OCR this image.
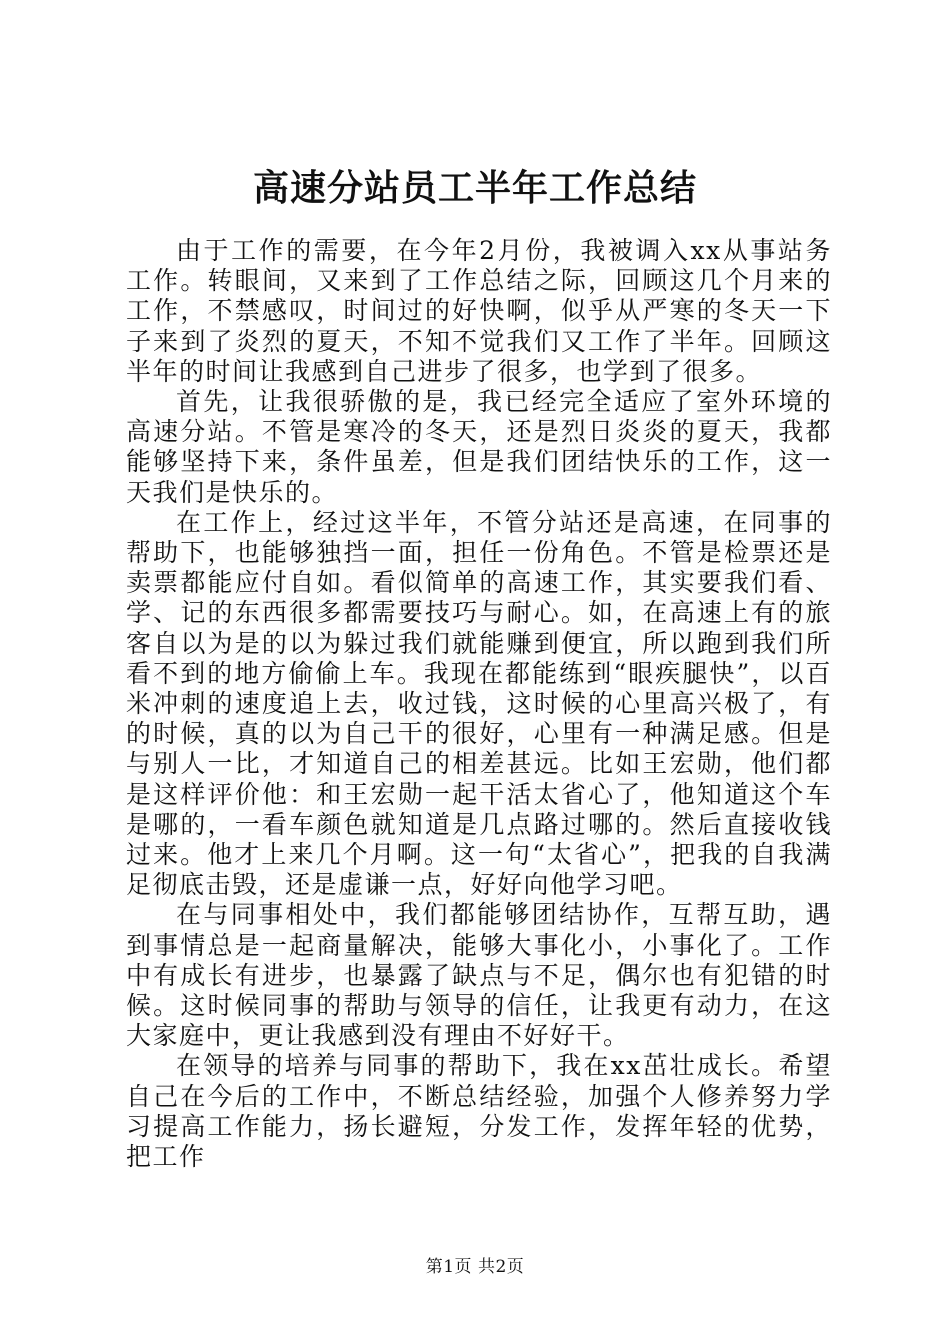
高速分站员工半年工作总结

由于工作的需要，在今年2月份，我被调入xx从事站务工作。转眼间，又来到了工作总结之际，回顾这几个月来的工作，不禁感叹，时间过的好快啊，似乎从严寒的冬天一下子来到了炎烈的夏天，不知不觉我们又工作了半年。回顾这半年的时间让我感到自己进步了很多，也学到了很多。

首先，让我很骄傲的是，我已经完全适应了室外环境的高速分站。不管是寒冷的冬天，还是烈日炎炎的夏天，我都能够坚持下来，条件虽差，但是我们团结快乐的工作，这一天我们是快乐的。

在工作上，经过这半年，不管分站还是高速，在同事的帮助下，也能够独挡一面，担任一份角色。不管是检票还是卖票都能应付自如。看似简单的高速工作，其实要我们看、学、记的东西很多都需要技巧与耐心。如，在高速上有的旅客自以为是的以为躲过我们就能赚到便宜，所以跑到我们所看不到的地方偷偷上车。我现在都能练到“眼疾腿快”，以百米冲刺的速度追上去，收过钱，这时候的心里高兴极了，有的时候，真的以为自己干的很好，心里有一种满足感。但是与别人一比，才知道自己的相差甚远。比如王宏勋，他们都是这样评价他：和王宏勋一起干活太省心了，他知道这个车是哪的，一看车颜色就知道是几点路过哪的。然后直接收钱过来。他才上来几个月啊。这一句“太省心”，把我的自我满足彻底击毁，还是虚谦一点，好好向他学习吧。

在与同事相处中，我们都能够团结协作，互帮互助，遇到事情总是一起商量解决，能够大事化小，小事化了。工作中有成长有进步，也暴露了缺点与不足，偶尔也有犯错的时候。这时候同事的帮助与领导的信任，让我更有动力，在这大家庭中，更让我感到没有理由不好好干。

在领导的培养与同事的帮助下，我在xx茁壮成长。希望自己在今后的工作中，不断总结经验，加强个人修养努力学习提高工作能力，扬长避短，分发工作，发挥年轻的优势，把工作

第1页 共2页
